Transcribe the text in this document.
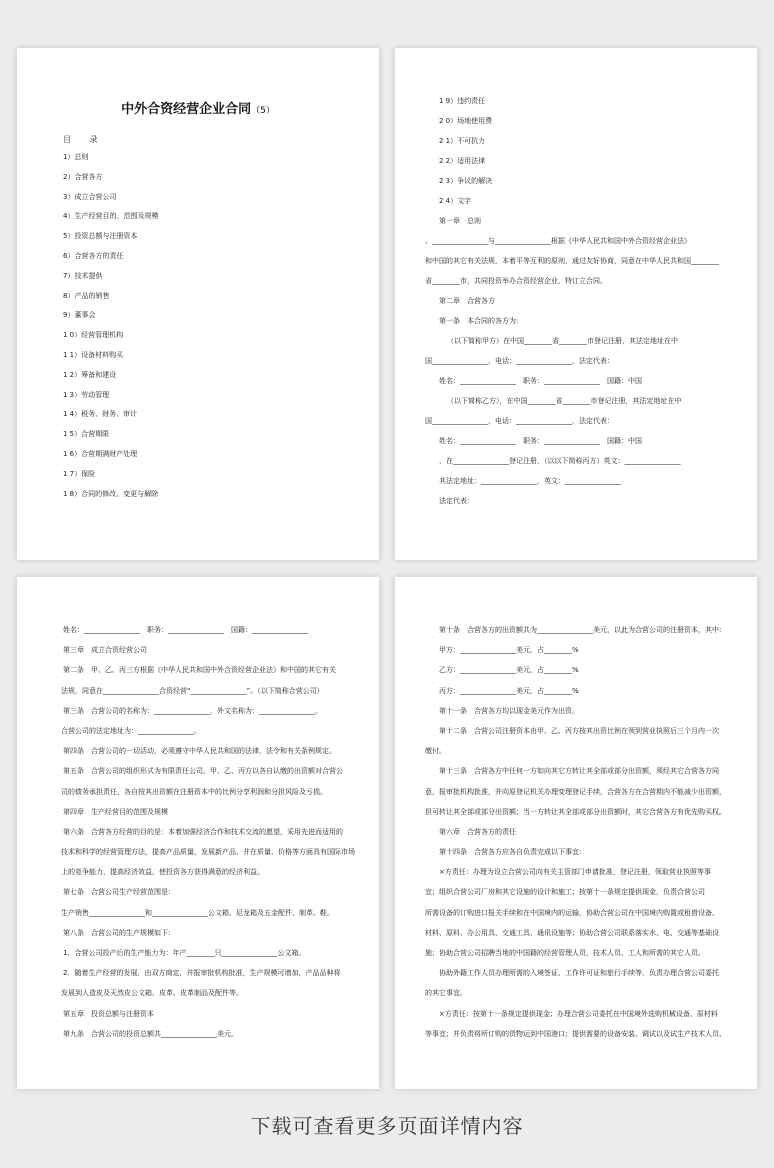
中外合资经营企业合同（5）
目 录
1）总则
2）合营各方
3）成立合营公司
4）生产经营目的、范围及规模
5）投资总额与注册资本
6）合营各方的责任
7）技术提供
8）产品的销售
9）董事会
1 0）经营管理机构
1 1）设备材料购买
1 2）筹备和建设
1 3）劳动管理
1 4）税务、财务、审计
1 5）合营期限
1 6）合营期满财产处理
1 7）保险
1 8）合同的修改、变更与解除
1 9）违约责任
2 0）场地使用费
2 1）不可抗力
2 2）适用法律
2 3）争议的解决
2 4）文字
第一章　总则
、________________与________________根据《中华人民共和国中外合资经营企业法》
和中国的其它有关法规，本着平等互利的原则，通过友好协商，同意在中华人民共和国________
省________市，共同投资举办合资经营企业，特订立合同。
第二章　合营各方
第一条　本合同的各方为:
（以下简称甲方）在中国________省________市登记注册，其法定地址在中
国________________，电话：________________，法定代表：
姓名：________________　职务：________________　国籍：中国
（以下简称乙方），在中国________省________市登记注册，其法定地址在中
国________________，电话：________________，法定代表：
姓名：________________　职务：________________　国籍：中国
，在________________登记注册，（以以下简称丙方）英文：________________
其法定地址：________________，英文：________________
法定代表：
姓名：________________　职务：________________　国籍：________________
第三章　成立合资经营公司
第二条　甲、乙、丙三方根据《中华人民共和国中外合资经营企业法》和中国的其它有关
法规，同意在________________合资经营“________________”。（以下简称合营公司）
第三条　合营公司的名称为：________________，外文名称为：________________。
合营公司的法定地址为：________________。
第四条　合营公司的一切活动，必须遵守中华人民共和国的法律，法令和有关条例规定。
第五条　合营公司的组织形式为有限责任公司。甲、乙、丙方以各自认缴的出资额对合营公
司的债务承担责任，各自按其出资额在注册资本中的比例分享利润和分担风险及亏损。
第四章　生产经营目的范围及规模
第六条　合营各方经营的目的是：本着加强经济合作和技术交流的愿望，采用先进而适用的
技术和科学的经营管理方法，提高产品质量，发展新产品，并在质量、价格等方面具有国际市场
上的竞争能力，提高经济效益，使投资各方获得满意的经济利益。
第七条　合营公司生产经营范围是:
生产销售________________和________________公文箱、尼龙箱及五金配件、制革、鞋。
第八条　合营公司的生产规模如下:
1．合营公司投产后的生产能力为：年产________只________________公文箱。
2．随着生产经营的发展，由双方商定，并报审批机构批准，生产规模可增加，产品品种将
发展到人造皮及天然皮公文箱、皮革、皮革制品及配件等。
第五章　投资总额与注册资本
第九条　合营公司的投资总额共________________美元。
第十条　合营各方的出资额共为________________美元，以此为合营公司的注册资本，其中:
甲方：________________美元，占________%
乙方：________________美元，占________%
丙方：________________美元，占________%
第十一条　合营各方均以现金美元作为出资。
第十二条　合营公司注册资本由甲、乙、丙方按其出资比例在领到营业执照后三个月内一次
缴付。
第十三条　合营各方中任何一方如向其它方转让其全部或部分出资额，须经其它合营各方同
意，报审批机构批准，并向原登记机关办理变理登记手续，合营各方在合营期内不能减少出资额，
但可转让其全部或部分出资额；当一方转让其全部或部分出资额时，其它合营各方有优先购买权。
第六章　合营各方的责任
第十四条　合营各方应各自负责完成以下事宜:
×方责任：办理为设立合营公司向有关主管部门申请批准，登记注册，领取营业执照等事
宜；组织合营公司厂房和其它设施的设计和施工；按第十一条规定提供现金，负责合营公司
所需设备的订购进口报关手续和在中国境内的运输，协助合营公司在中国境内购置或租借设备、
材料、原料、办公用具、交通工具、通讯设施等；协助合营公司联系落实水、电、交通等基础设
施；协助合营公司招聘当地的中国籍的经营管理人员，技术人员、工人和所需的其它人员。
协助外籍工作人员办理所需的入境签证、工作许可证和旅行手续等，负责办理合营公司委托
的其它事宜。
×方责任：按第十一条规定提供现金；办理合营公司委托在中国境外选购机械设备、原材料
等事宜；并负责将所订购的货物运到中国港口；提供需要的设备安装、调试以及试生产技术人员、
下载可查看更多页面详情内容
